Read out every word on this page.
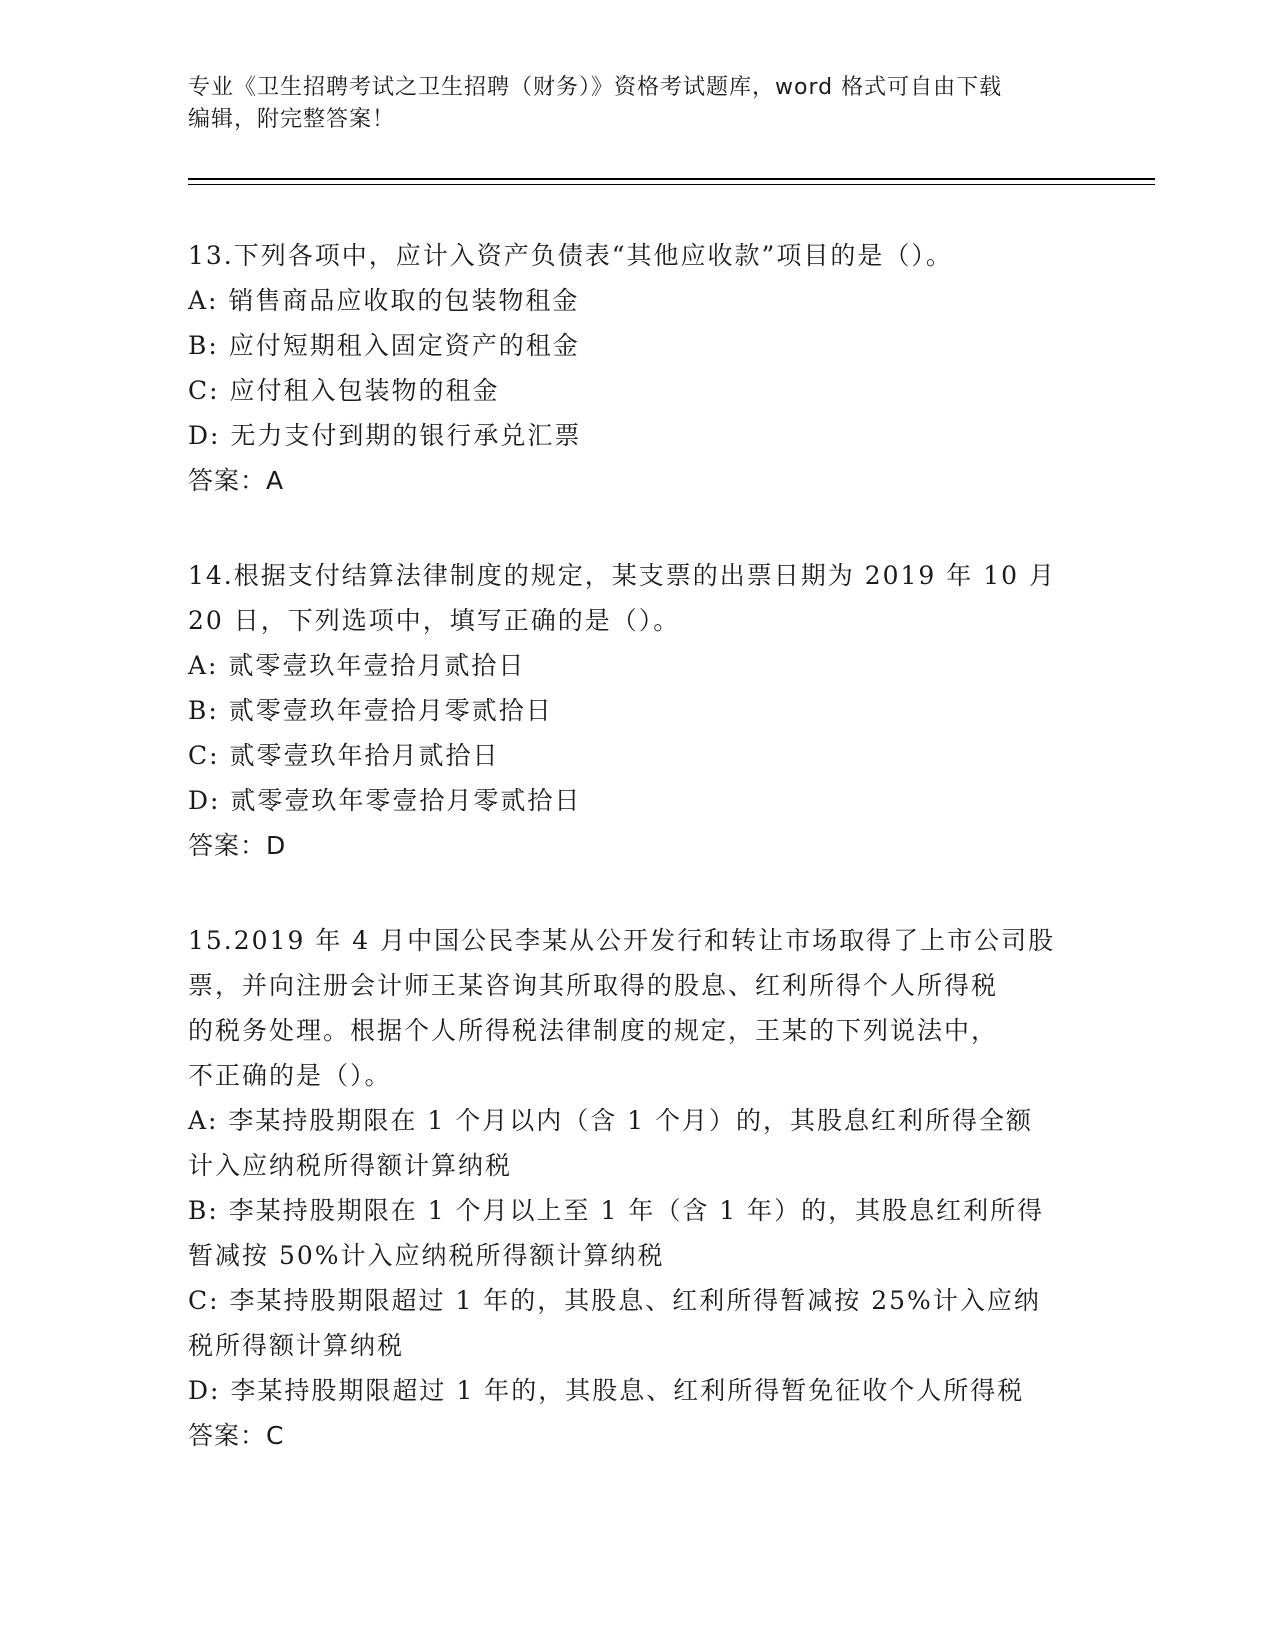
专业《卫生招聘考试之卫生招聘（财务）》资格考试题库，word 格式可自由下载
编辑，附完整答案！
13.下列各项中，应计入资产负债表“其他应收款”项目的是（）。
A: 销售商品应收取的包装物租金
B: 应付短期租入固定资产的租金
C: 应付租入包装物的租金
D: 无力支付到期的银行承兑汇票
答案：A
14.根据支付结算法律制度的规定，某支票的出票日期为 2019 年 10 月
20 日，下列选项中，填写正确的是（）。
A: 贰零壹玖年壹拾月贰拾日
B: 贰零壹玖年壹拾月零贰拾日
C: 贰零壹玖年拾月贰拾日
D: 贰零壹玖年零壹拾月零贰拾日
答案：D
15.2019 年 4 月中国公民李某从公开发行和转让市场取得了上市公司股
票，并向注册会计师王某咨询其所取得的股息、红利所得个人所得税
的税务处理。根据个人所得税法律制度的规定，王某的下列说法中，
不正确的是（）。
A: 李某持股期限在 1 个月以内（含 1 个月）的，其股息红利所得全额
计入应纳税所得额计算纳税
B: 李某持股期限在 1 个月以上至 1 年（含 1 年）的，其股息红利所得
暂减按 50%计入应纳税所得额计算纳税
C: 李某持股期限超过 1 年的，其股息、红利所得暂减按 25%计入应纳
税所得额计算纳税
D: 李某持股期限超过 1 年的，其股息、红利所得暂免征收个人所得税
答案：C
